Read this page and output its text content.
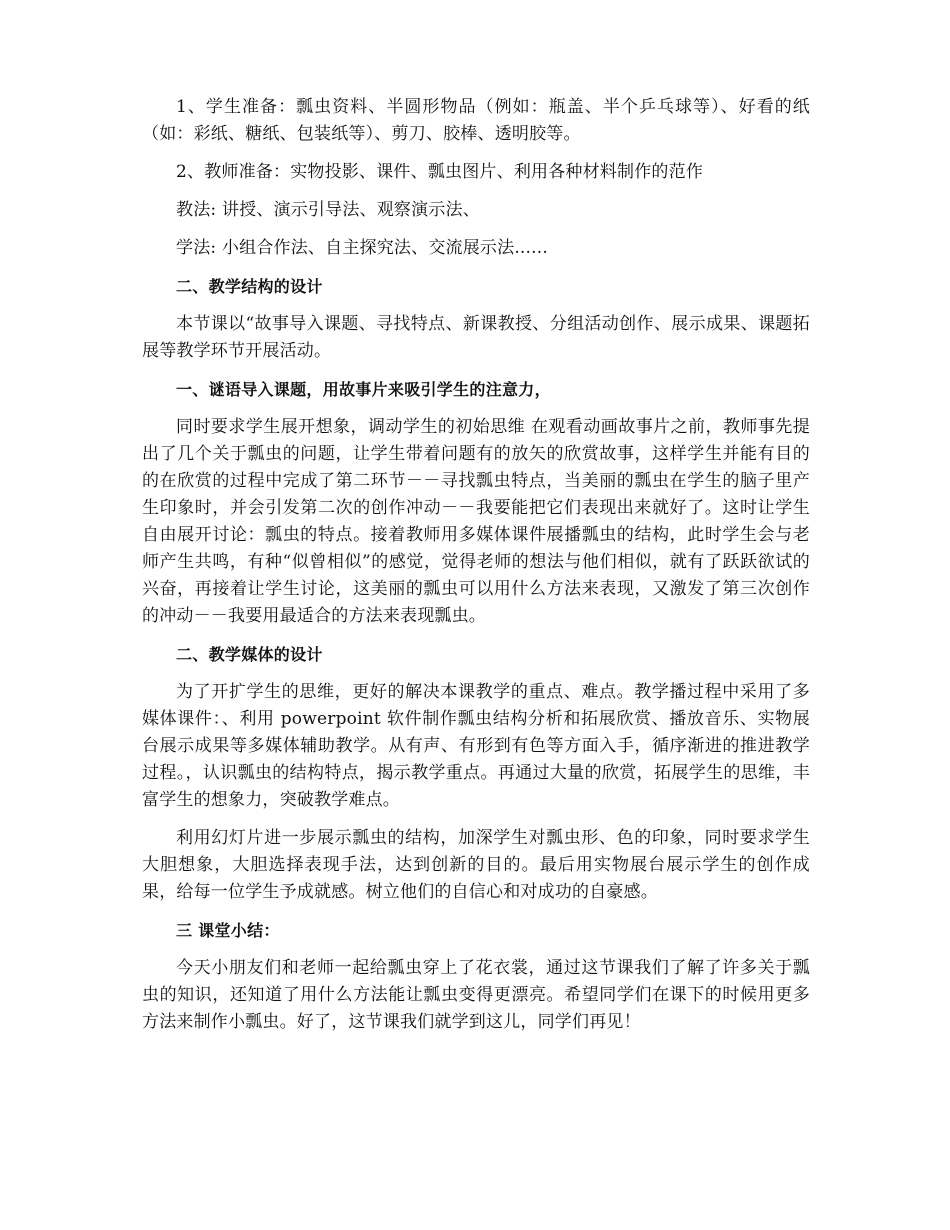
1、学生准备：瓢虫资料、半圆形物品（例如：瓶盖、半个乒乓球等）、好看的纸（如：彩纸、糖纸、包装纸等）、剪刀、胶棒、透明胶等。

2、教师准备：实物投影、课件、瓢虫图片、利用各种材料制作的范作

教法: 讲授、演示引导法、观察演示法、

学法: 小组合作法、自主探究法、交流展示法......

二、教学结构的设计

本节课以“故事导入课题、寻找特点、新课教授、分组活动创作、展示成果、课题拓展等教学环节开展活动。

一、谜语导入课题，用故事片来吸引学生的注意力，

同时要求学生展开想象，调动学生的初始思维 在观看动画故事片之前，教师事先提出了几个关于瓢虫的问题，让学生带着问题有的放矢的欣赏故事，这样学生并能有目的的在欣赏的过程中完成了第二环节－－寻找瓢虫特点，当美丽的瓢虫在学生的脑子里产生印象时，并会引发第二次的创作冲动－－我要能把它们表现出来就好了。这时让学生自由展开讨论：瓢虫的特点。接着教师用多媒体课件展播瓢虫的结构，此时学生会与老师产生共鸣，有种“似曾相似”的感觉，觉得老师的想法与他们相似，就有了跃跃欲试的兴奋，再接着让学生讨论，这美丽的瓢虫可以用什么方法来表现，又激发了第三次创作的冲动－－我要用最适合的方法来表现瓢虫。

二、教学媒体的设计

为了开扩学生的思维，更好的解决本课教学的重点、难点。教学播过程中采用了多媒体课件：、利用 powerpoint 软件制作瓢虫结构分析和拓展欣赏、播放音乐、实物展台展示成果等多媒体辅助教学。从有声、有形到有色等方面入手，循序渐进的推进教学过程。，认识瓢虫的结构特点，揭示教学重点。再通过大量的欣赏，拓展学生的思维，丰富学生的想象力，突破教学难点。

利用幻灯片进一步展示瓢虫的结构，加深学生对瓢虫形、色的印象，同时要求学生大胆想象，大胆选择表现手法，达到创新的目的。最后用实物展台展示学生的创作成果，给每一位学生予成就感。树立他们的自信心和对成功的自豪感。

三 课堂小结：

今天小朋友们和老师一起给瓢虫穿上了花衣裳，通过这节课我们了解了许多关于瓢虫的知识，还知道了用什么方法能让瓢虫变得更漂亮。希望同学们在课下的时候用更多方法来制作小瓢虫。好了，这节课我们就学到这儿，同学们再见！
